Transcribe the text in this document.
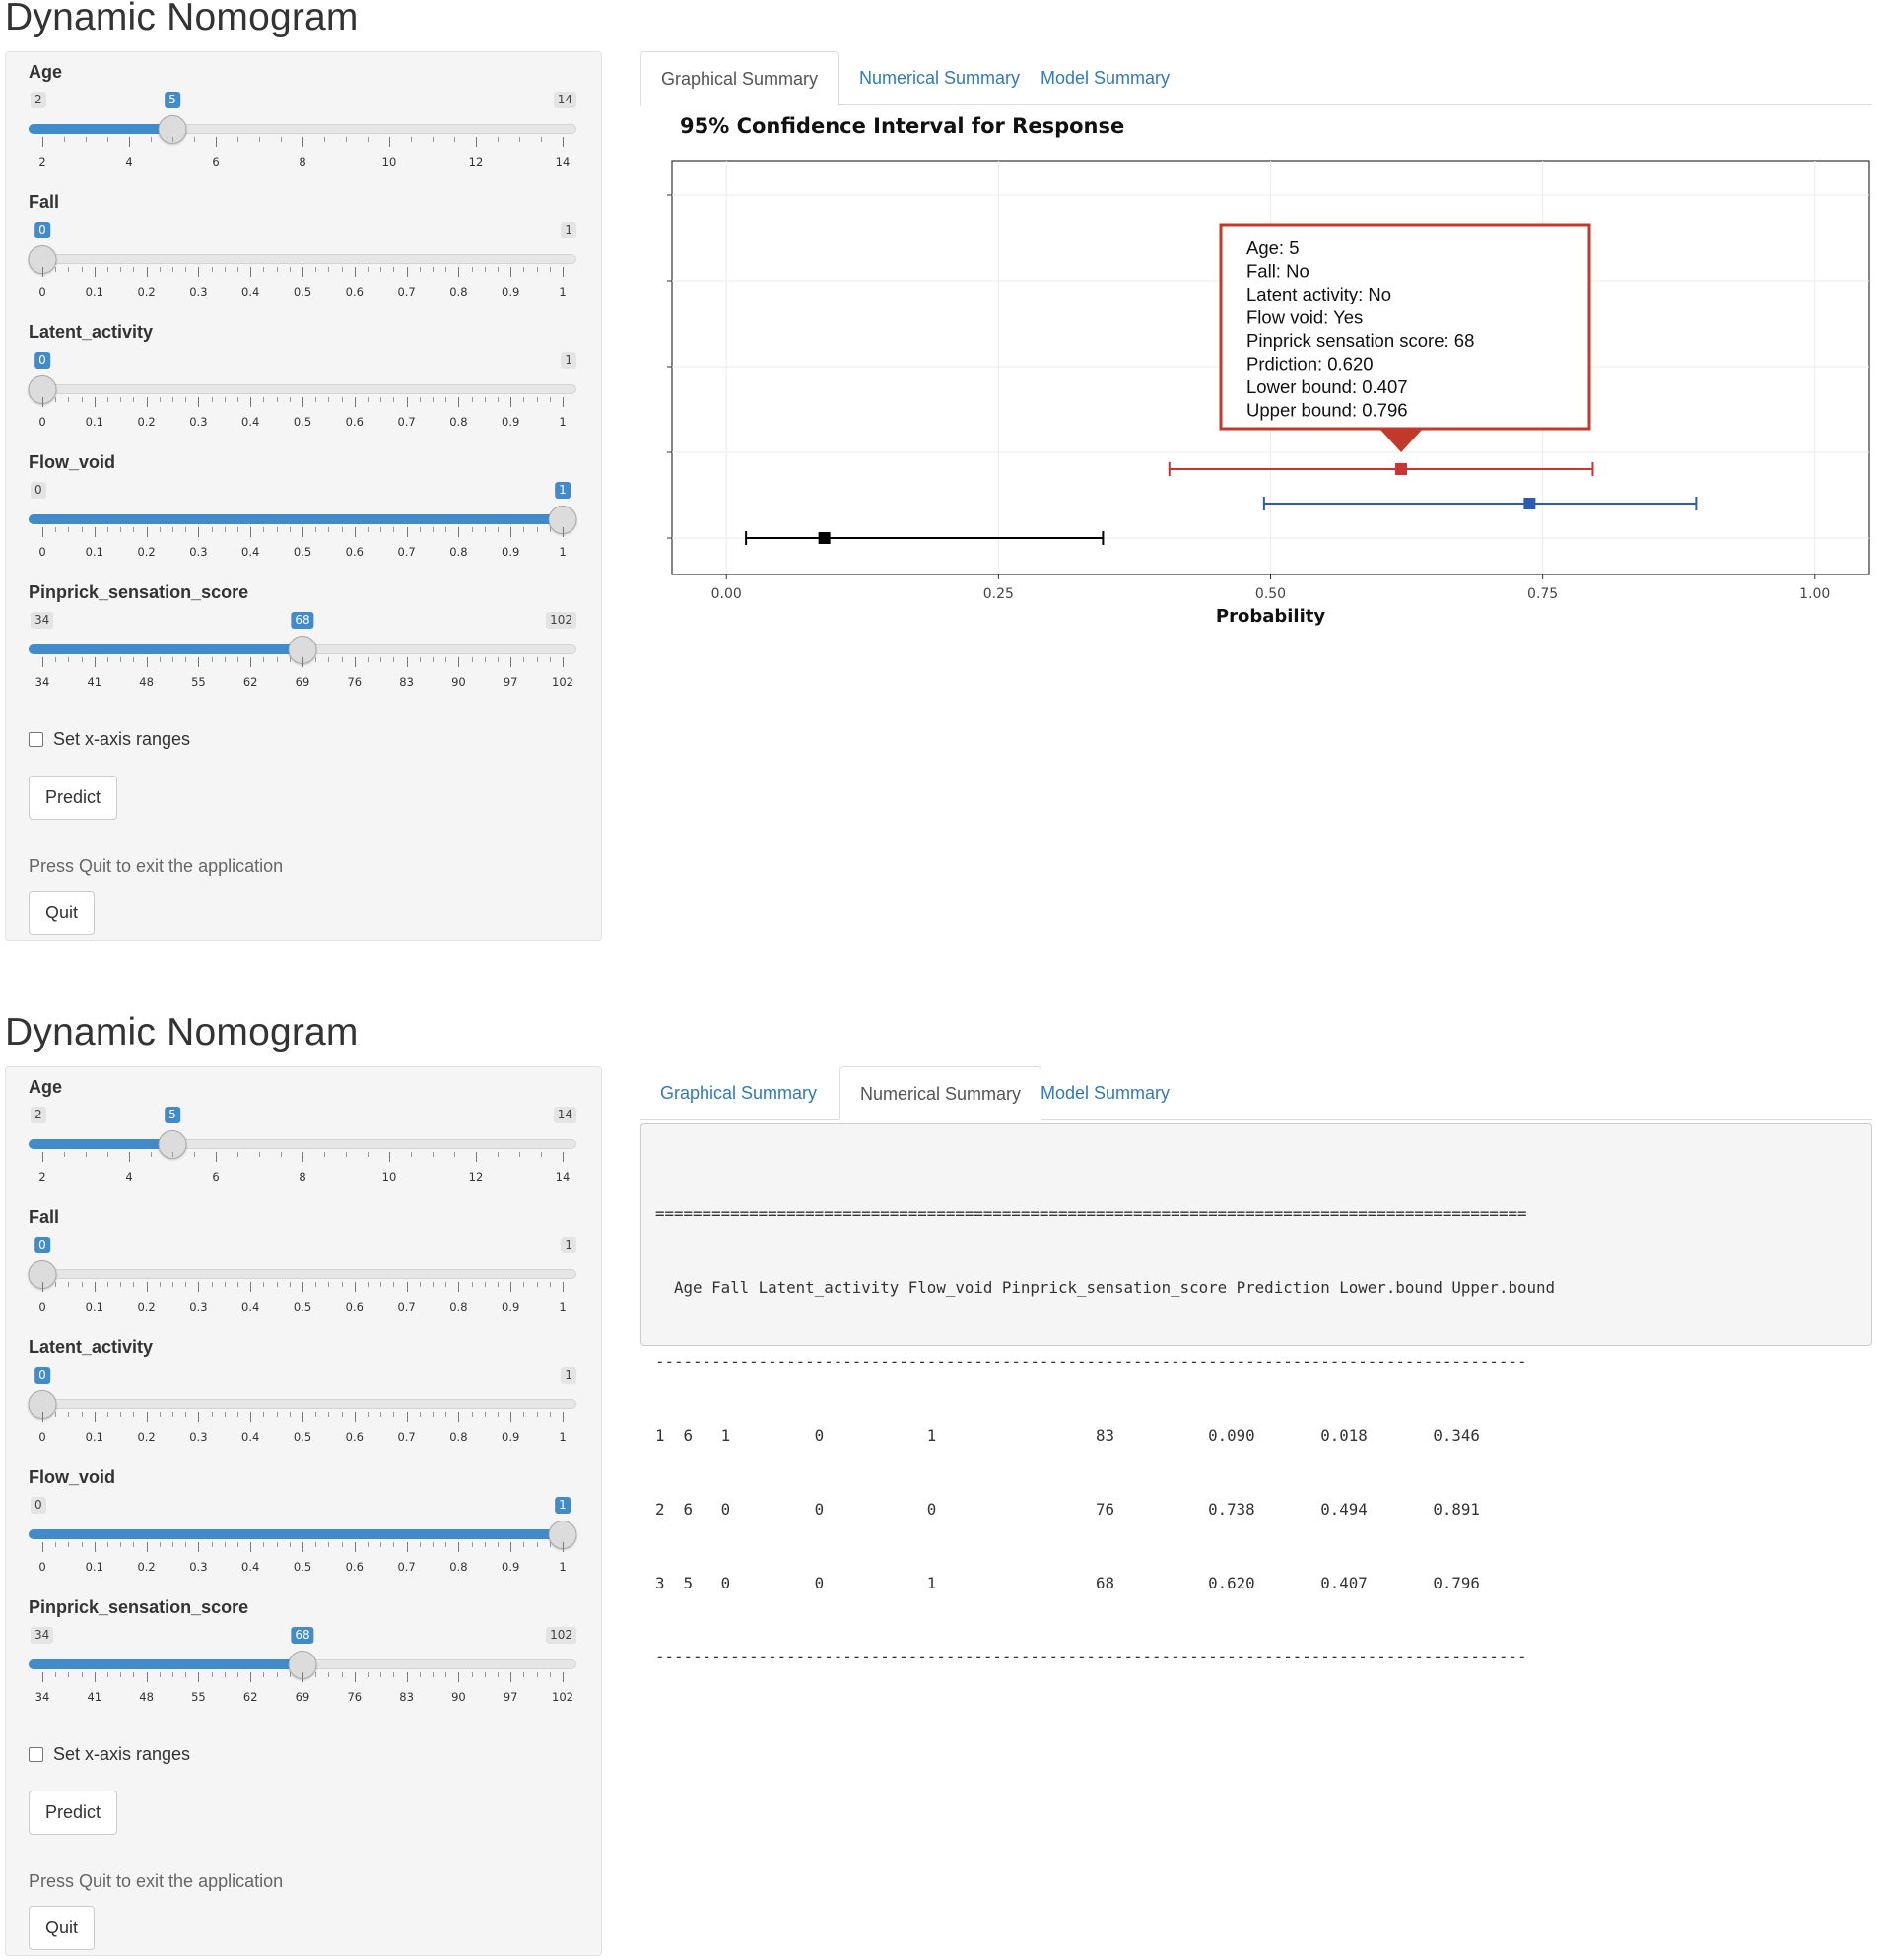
Dynamic Nomogram
Age
2	14
5
2	4	6	8	10	12	14
Fall
1
0
0	0.1	0.2	0.3	0.4	0.5	0.6	0.7	0.8	0.9	1
Latent_activity
1
0
0	0.1	0.2	0.3	0.4	0.5	0.6	0.7	0.8	0.9	1
Flow_void
0	1
0	0.1	0.2	0.3	0.4	0.5	0.6	0.7	0.8	0.9	1
Pinprick_sensation_score
34	102
68
34	41	48	55	62	69	76	83	90	97	102
Set x-axis ranges
Predict
Press Quit to exit the application
Quit
Graphical Summary	Numerical Summary	Model Summary
95% Confidence Interval for Response
0.00	0.25	0.50	0.75	1.00
Probability
Age: 5
Fall: No
Latent activity: No
Flow void: Yes
Pinprick sensation score: 68
Prdiction: 0.620
Lower bound: 0.407
Upper bound: 0.796
Dynamic Nomogram
Age
2	14
5
2	4	6	8	10	12	14
Fall
1
0
0	0.1	0.2	0.3	0.4	0.5	0.6	0.7	0.8	0.9	1
Latent_activity
1
0
0	0.1	0.2	0.3	0.4	0.5	0.6	0.7	0.8	0.9	1
Flow_void
0	1
0	0.1	0.2	0.3	0.4	0.5	0.6	0.7	0.8	0.9	1
Pinprick_sensation_score
34	102
68
34	41	48	55	62	69	76	83	90	97	102
Set x-axis ranges
Predict
Press Quit to exit the application
Quit
Graphical Summary	Numerical Summary	Model Summary

=============================================================================================

Age Fall Latent_activity Flow_void Pinprick_sensation_score Prediction Lower.bound Upper.bound

---------------------------------------------------------------------------------------------

1  6   1         0           1                 83          0.090       0.018       0.346

2  6   0         0           0                 76          0.738       0.494       0.891

3  5   0         0           1                 68          0.620       0.407       0.796

---------------------------------------------------------------------------------------------
